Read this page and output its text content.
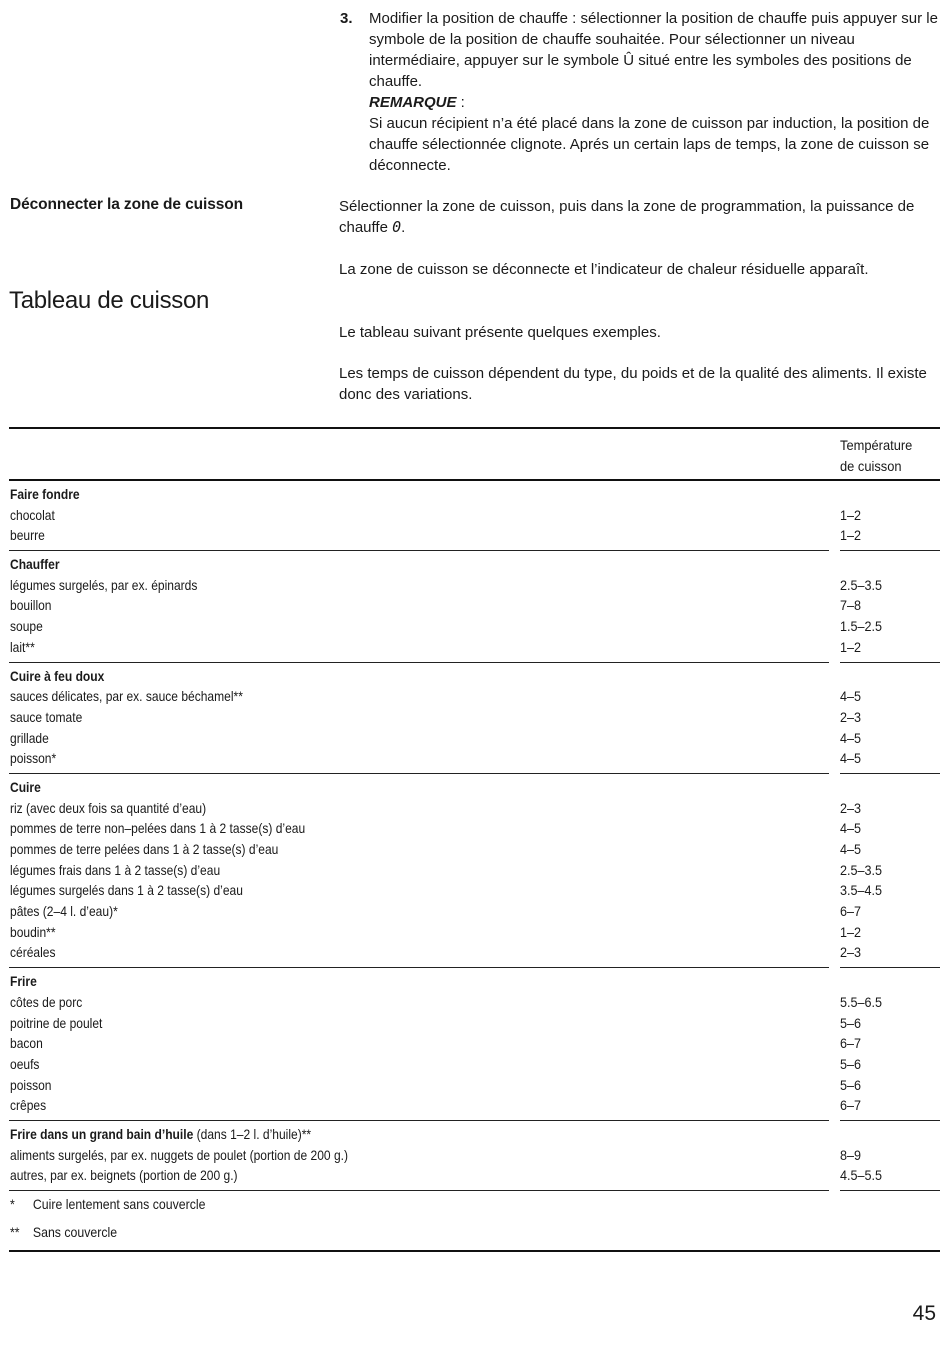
3. Modifier la position de chauffe : sélectionner la position de chauffe puis appuyer sur le symbole de la position de chauffe souhaitée. Pour sélectionner un niveau intermédiaire, appuyer sur le symbole Û situé entre les symboles des positions de chauffe.
REMARQUE :
Si aucun récipient n’a été placé dans la zone de cuisson par induction, la position de chauffe sélectionnée clignote. Aprés un certain laps de temps, la zone de cuisson se déconnecte.
Déconnecter la zone de cuisson	Sélectionner la zone de cuisson, puis dans la zone de programmation, la puissance de chauffe 0.
La zone de cuisson se déconnecte et l’indicateur de chaleur résiduelle apparaît.
Tableau de cuisson
Le tableau suivant présente quelques exemples.
Les temps de cuisson dépendent du type, du poids et de la qualité des aliments. Il existe donc des variations.
Température
de cuisson
Faire fondre
chocolat	1–2
beurre	1–2
Chauffer
légumes surgelés, par ex. épinards	2.5–3.5
bouillon	7–8
soupe	1.5–2.5
lait**	1–2
Cuire à feu doux
sauces délicates, par ex. sauce béchamel**	4–5
sauce tomate	2–3
grillade	4–5
poisson*	4–5
Cuire
riz (avec deux fois sa quantité d’eau)	2–3
pommes de terre non–pelées dans 1 à 2 tasse(s) d’eau	4–5
pommes de terre pelées dans 1 à 2 tasse(s) d’eau	4–5
légumes frais dans 1 à 2 tasse(s) d’eau	2.5–3.5
légumes surgelés dans 1 à 2 tasse(s) d’eau	3.5–4.5
pâtes (2–4 l. d’eau)*	6–7
boudin**	1–2
céréales	2–3
Frire
côtes de porc	5.5–6.5
poitrine de poulet	5–6
bacon	6–7
oeufs	5–6
poisson	5–6
crêpes	6–7
Frire dans un grand bain d’huile (dans 1–2 l. d’huile)**
aliments surgelés, par ex. nuggets de poulet (portion de 200 g.)	8–9
autres, par ex. beignets (portion de 200 g.)	4.5–5.5
* Cuire lentement sans couvercle
** Sans couvercle
45
